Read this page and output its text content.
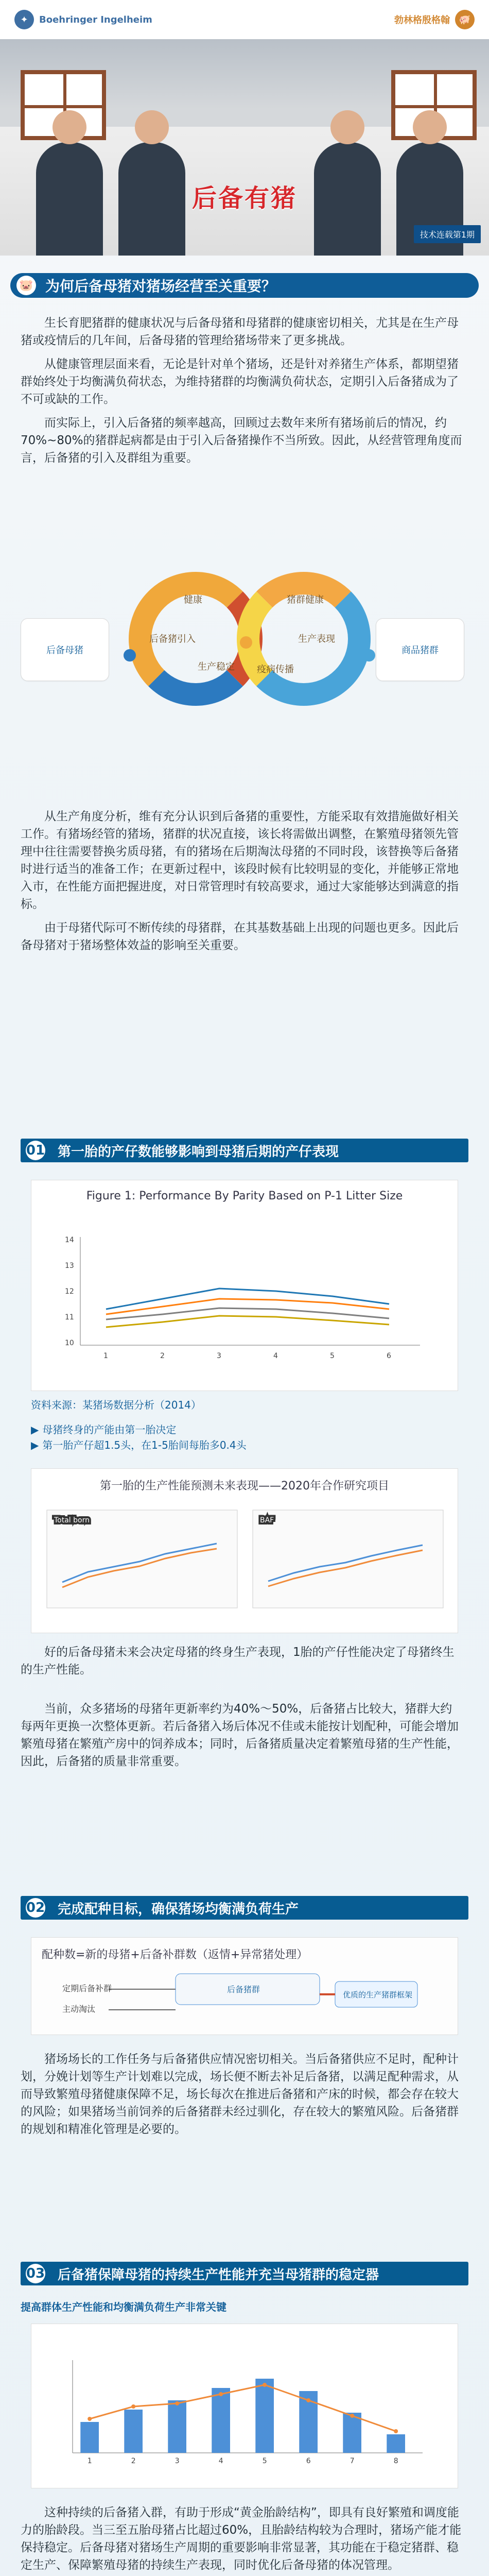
✦	Boehringer Ingelheim	勃林格殷格翰 🐖
后备有猪
技术连载第1期
🐷 为何后备母猪对猪场经营至关重要？

生长育肥猪群的健康状况与后备母猪和母猪群的健康密切相关，尤其是在生产母猪或疫情后的几年间，后备母猪的管理给猪场带来了更多挑战。

从健康管理层面来看，无论是针对单个猪场，还是针对养猪生产体系，都期望猪群始终处于均衡满负荷状态，为维持猪群的均衡满负荷状态，定期引入后备猪成为了不可或缺的工作。

而实际上，引入后备猪的频率越高，回顾过去数年来所有猪场前后的情况，约70%~80%的猪群起病都是由于引入后备猪操作不当所致。因此，从经营管理角度而言，后备猪的引入及群组为重要。

后备母猪	商品猪群
健康
后备猪引入
生产稳定
猪群健康
生产表现
疫病传播

从生产角度分析，维有充分认识到后备猪的重要性，方能采取有效措施做好相关工作。有猪场经管的猪场，猪群的状况直接，该长将需做出调整，在繁殖母猪领先管理中往往需要替换劣质母猪，有的猪场在后期淘汰母猪的不同时段，该替换等后备猪时进行适当的准备工作；在更新过程中，该段时候有比较明显的变化，并能够正常地入市，在性能方面把握进度，对日常管理时有较高要求，通过大家能够达到满意的指标。

由于母猪代际可不断传续的母猪群，在其基数基础上出现的问题也更多。因此后备母猪对于猪场整体效益的影响至关重要。

01 第一胎的产仔数能够影响到母猪后期的产仔表现
Figure 1: Performance By Parity Based on P-1 Litter Size
10
11
12
13
14
1	2	3	4	5	6
资料来源：某猪场数据分析（2014）
▶ 母猪终身的产能由第一胎决定
▶ 第一胎产仔超1.5头，在1-5胎间每胎多0.4头
第一胎的生产性能预测未来表现——2020年合作研究项目
Total born	BAF

好的后备母猪未来会决定母猪的终身生产表现，1胎的产仔性能决定了母猪终生的生产性能。

当前，众多猪场的母猪年更新率约为40%～50%，后备猪占比较大，猪群大约每两年更换一次整体更新。若后备猪入场后体况不佳或未能按计划配种，可能会增加繁殖母猪在繁殖产房中的饲养成本；同时，后备猪质量决定着繁殖母猪的生产性能，因此，后备猪的质量非常重要。

02 完成配种目标，确保猪场均衡满负荷生产
配种数=新的母猪+后备补群数（返情+异常猪处理）
定期后备补群
主动淘汰
后备猪群
优质的生产猪群框架

猪场场长的工作任务与后备猪供应情况密切相关。当后备猪供应不足时，配种计划，分娩计划等生产计划难以完成，场长便不断去补足后备猪，以满足配种需求，从而导致繁殖母猪健康保障不足，场长每次在推进后备猪和产床的时候，都会存在较大的风险；如果猪场当前饲养的后备猪群未经过驯化，存在较大的繁殖风险。后备猪群的规划和精准化管理是必要的。

03 后备猪保障母猪的持续生产性能并充当母猪群的稳定器
提高群体生产性能和均衡满负荷生产非常关键
1	2	3	4	5	6	7	8

这种持续的后备猪入群，有助于形成“黄金胎龄结构”，即具有良好繁殖和调度能力的胎龄段。当三至五胎母猪占比超过60%，且胎龄结构较为合理时，猪场产能才能保持稳定。后备母猪对猪场生产周期的重要影响非常显著，其功能在于稳定猪群、稳定生产、保障繁殖母猪的持续生产表现，同时优化后备母猪的体况管理。
